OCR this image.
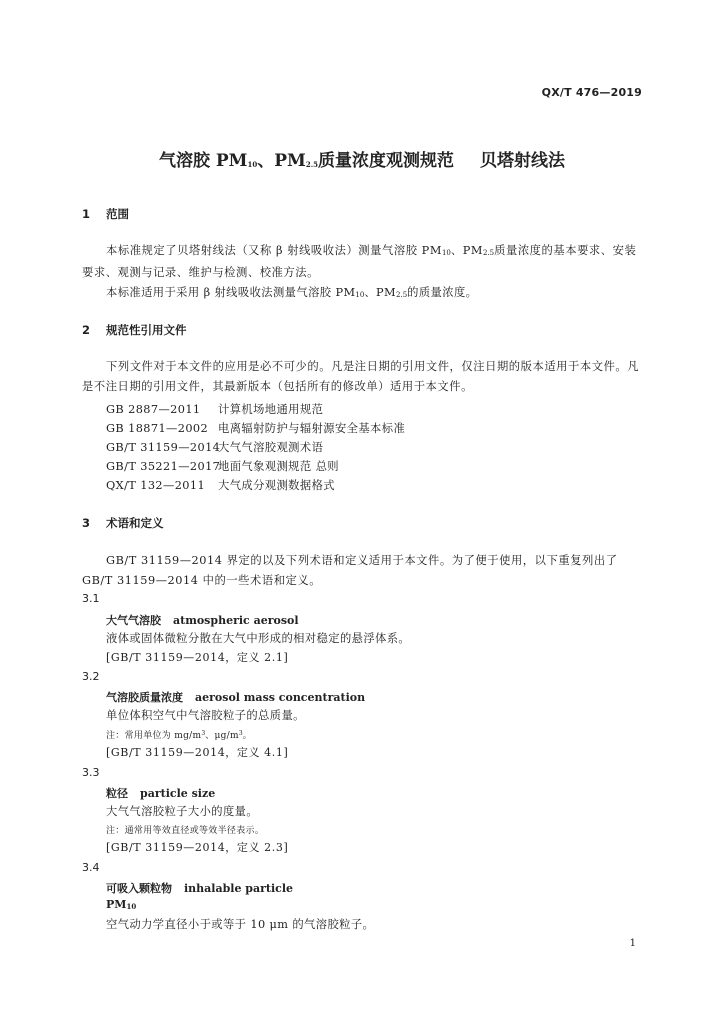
QX/T 476—2019
气溶胶 PM10、PM2.5质量浓度观测规范 贝塔射线法
1 范围
本标准规定了贝塔射线法（又称 β 射线吸收法）测量气溶胶 PM10、PM2.5质量浓度的基本要求、安装要求、观测与记录、维护与检测、校准方法。
本标准适用于采用 β 射线吸收法测量气溶胶 PM10、PM2.5的质量浓度。
2 规范性引用文件
下列文件对于本文件的应用是必不可少的。凡是注日期的引用文件，仅注日期的版本适用于本文件。凡是不注日期的引用文件，其最新版本（包括所有的修改单）适用于本文件。
GB 2887—2011 计算机场地通用规范
GB 18871—2002 电离辐射防护与辐射源安全基本标准
GB/T 31159—2014大气气溶胶观测术语
GB/T 35221—2017地面气象观测规范 总则
QX/T 132—2011 大气成分观测数据格式
3 术语和定义
GB/T 31159—2014 界定的以及下列术语和定义适用于本文件。为了便于使用，以下重复列出了GB/T 31159—2014 中的一些术语和定义。
3.1
大气气溶胶 atmospheric aerosol
液体或固体微粒分散在大气中形成的相对稳定的悬浮体系。
[GB/T 31159—2014，定义 2.1]
3.2
气溶胶质量浓度 aerosol mass concentration
单位体积空气中气溶胶粒子的总质量。
注：常用单位为 $mg/m^3$、$\mu g/m^3$。
[GB/T 31159—2014，定义 4.1]
3.3
粒径 particle size
大气气溶胶粒子大小的度量。
注：通常用等效直径或等效半径表示。
[GB/T 31159—2014，定义 2.3]
3.4
可吸入颗粒物 inhalable particle
PM10
空气动力学直径小于或等于 10 μm 的气溶胶粒子。
1
